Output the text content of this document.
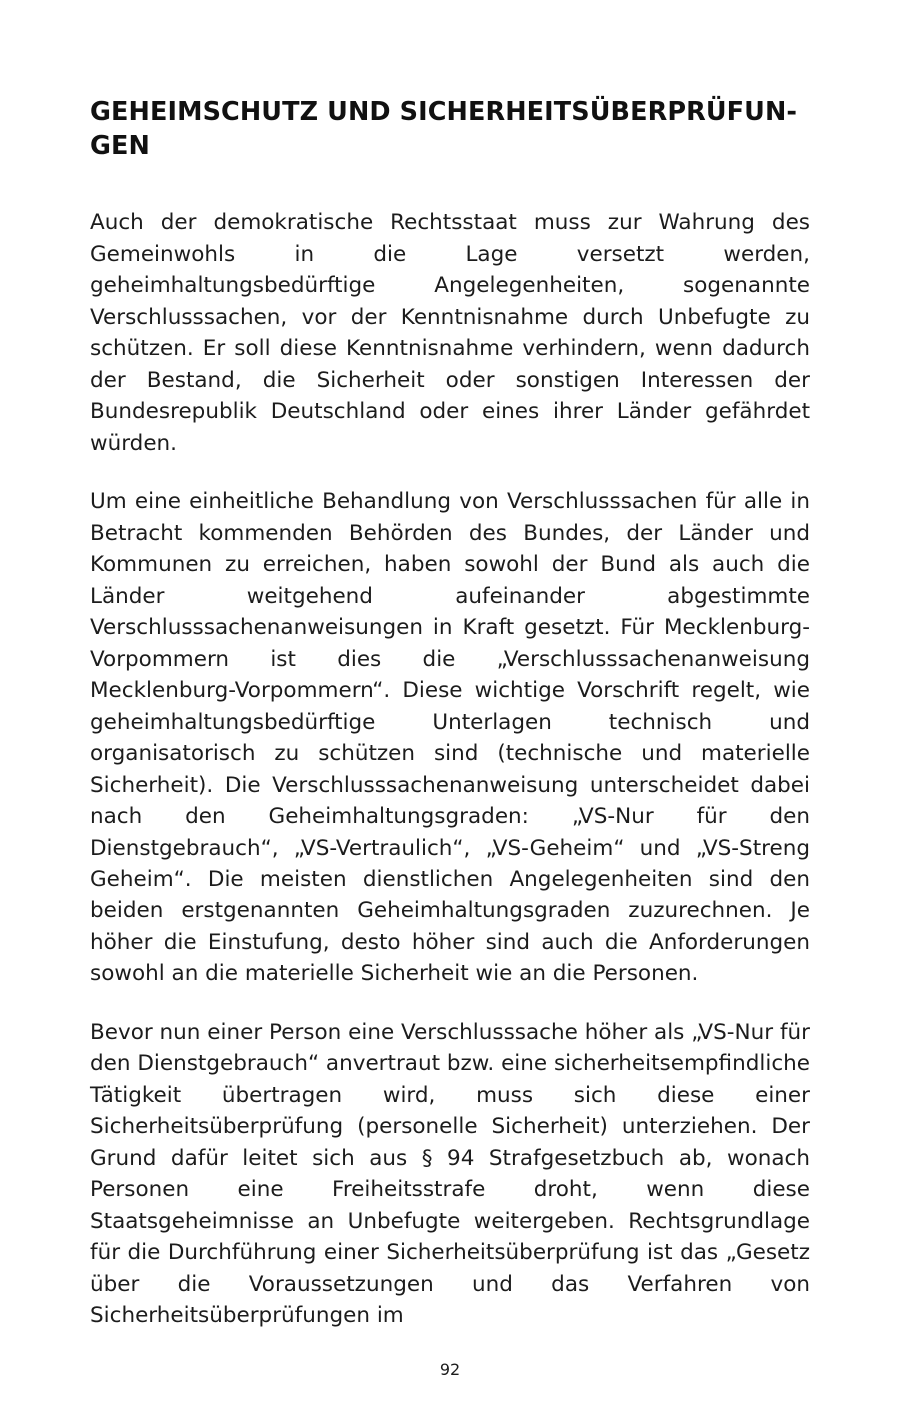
GEHEIMSCHUTZ UND SICHERHEITSÜBERPRÜFUN-GEN

Auch der demokratische Rechtsstaat muss zur Wahrung des Gemeinwohls in die Lage versetzt werden, geheimhaltungsbedürftige Angelegenheiten, sogenannte Verschlusssachen, vor der Kenntnisnahme durch Unbefugte zu schützen. Er soll diese Kenntnisnahme verhindern, wenn dadurch der Bestand, die Sicherheit oder sonstigen Interessen der Bundesrepublik Deutschland oder eines ihrer Länder gefährdet würden.

Um eine einheitliche Behandlung von Verschlusssachen für alle in Betracht kommenden Behörden des Bundes, der Länder und Kommunen zu erreichen, haben sowohl der Bund als auch die Länder weitgehend aufeinander abgestimmte Verschlusssachenanweisungen in Kraft gesetzt. Für Mecklenburg-Vorpommern ist dies die „Verschlusssachenanweisung Mecklenburg-Vorpommern“. Diese wichtige Vorschrift regelt, wie geheimhaltungsbedürftige Unterlagen technisch und organisatorisch zu schützen sind (technische und materielle Sicherheit). Die Verschlusssachenanweisung unterscheidet dabei nach den Geheimhaltungsgraden: „VS-Nur für den Dienstgebrauch“, „VS-Vertraulich“, „VS-Geheim“ und „VS-Streng Geheim“. Die meisten dienstlichen Angelegenheiten sind den beiden erstgenannten Geheimhaltungsgraden zuzurechnen. Je höher die Einstufung, desto höher sind auch die Anforderungen sowohl an die materielle Sicherheit wie an die Personen.

Bevor nun einer Person eine Verschlusssache höher als „VS-Nur für den Dienstgebrauch“ anvertraut bzw. eine sicherheitsempfindliche Tätigkeit übertragen wird, muss sich diese einer Sicherheitsüberprüfung (personelle Sicherheit) unterziehen. Der Grund dafür leitet sich aus § 94 Strafgesetzbuch ab, wonach Personen eine Freiheitsstrafe droht, wenn diese Staatsgeheimnisse an Unbefugte weitergeben. Rechtsgrundlage für die Durchführung einer Sicherheitsüberprüfung ist das „Gesetz über die Voraussetzungen und das Verfahren von Sicherheitsüberprüfungen im

92
